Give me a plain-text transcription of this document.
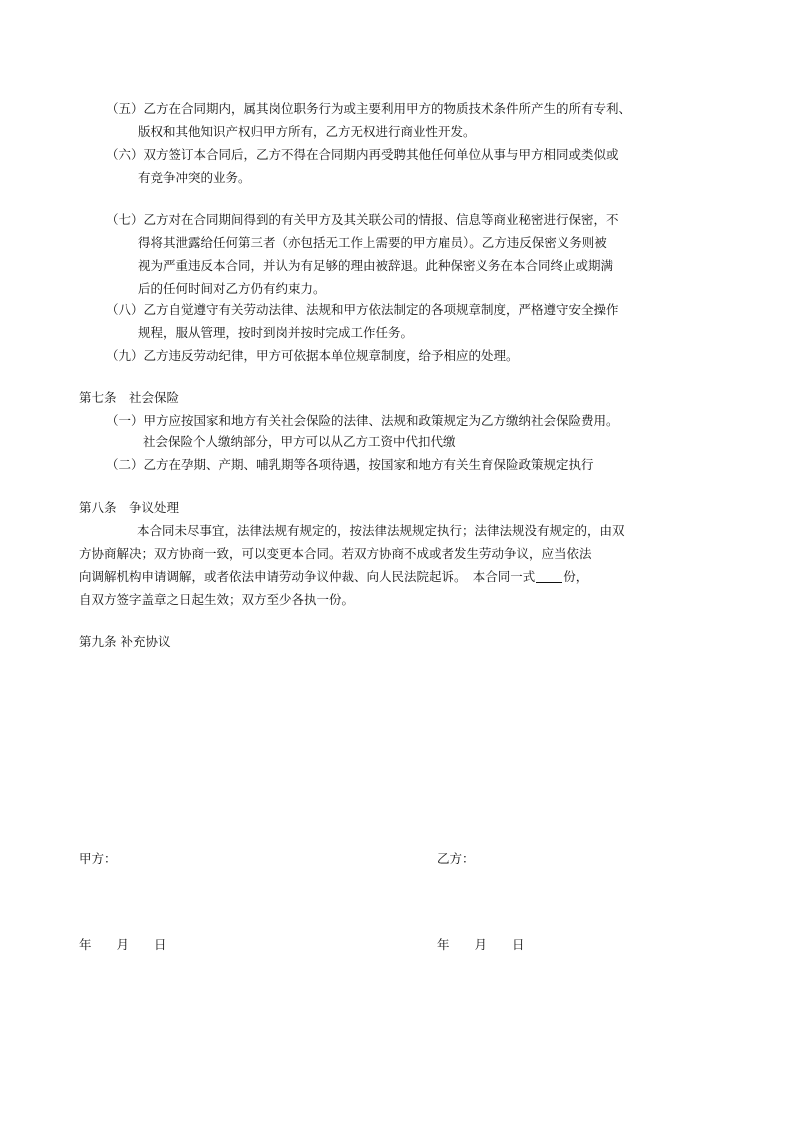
（五）乙方在合同期内，属其岗位职务行为或主要利用甲方的物质技术条件所产生的所有专利、
版权和其他知识产权归甲方所有，乙方无权进行商业性开发。
（六）双方签订本合同后，乙方不得在合同期内再受聘其他任何单位从事与甲方相同或类似或
有竞争冲突的业务。
（七）乙方对在合同期间得到的有关甲方及其关联公司的情报、信息等商业秘密进行保密，不
得将其泄露给任何第三者（亦包括无工作上需要的甲方雇员）。乙方违反保密义务则被
视为严重违反本合同，并认为有足够的理由被辞退。此种保密义务在本合同终止或期满
后的任何时间对乙方仍有约束力。
（八）乙方自觉遵守有关劳动法律、法规和甲方依法制定的各项规章制度，严格遵守安全操作
规程，服从管理，按时到岗并按时完成工作任务。
（九）乙方违反劳动纪律，甲方可依据本单位规章制度，给予相应的处理。
第七条　社会保险
（一）甲方应按国家和地方有关社会保险的法律、法规和政策规定为乙方缴纳社会保险费用。
社会保险个人缴纳部分，甲方可以从乙方工资中代扣代缴
（二）乙方在孕期、产期、哺乳期等各项待遇，按国家和地方有关生育保险政策规定执行
第八条　争议处理
本合同未尽事宜，法律法规有规定的，按法律法规规定执行；法律法规没有规定的，由双
方协商解决；双方协商一致，可以变更本合同。若双方协商不成或者发生劳动争议，应当依法
向调解机构申请调解，或者依法申请劳动争议仲裁、向人民法院起诉。　本合同一式 份，
自双方签字盖章之日起生效；双方至少各执一份。
第九条 补充协议
甲方：	乙方：
年　　月　　日	年　　月　　日
